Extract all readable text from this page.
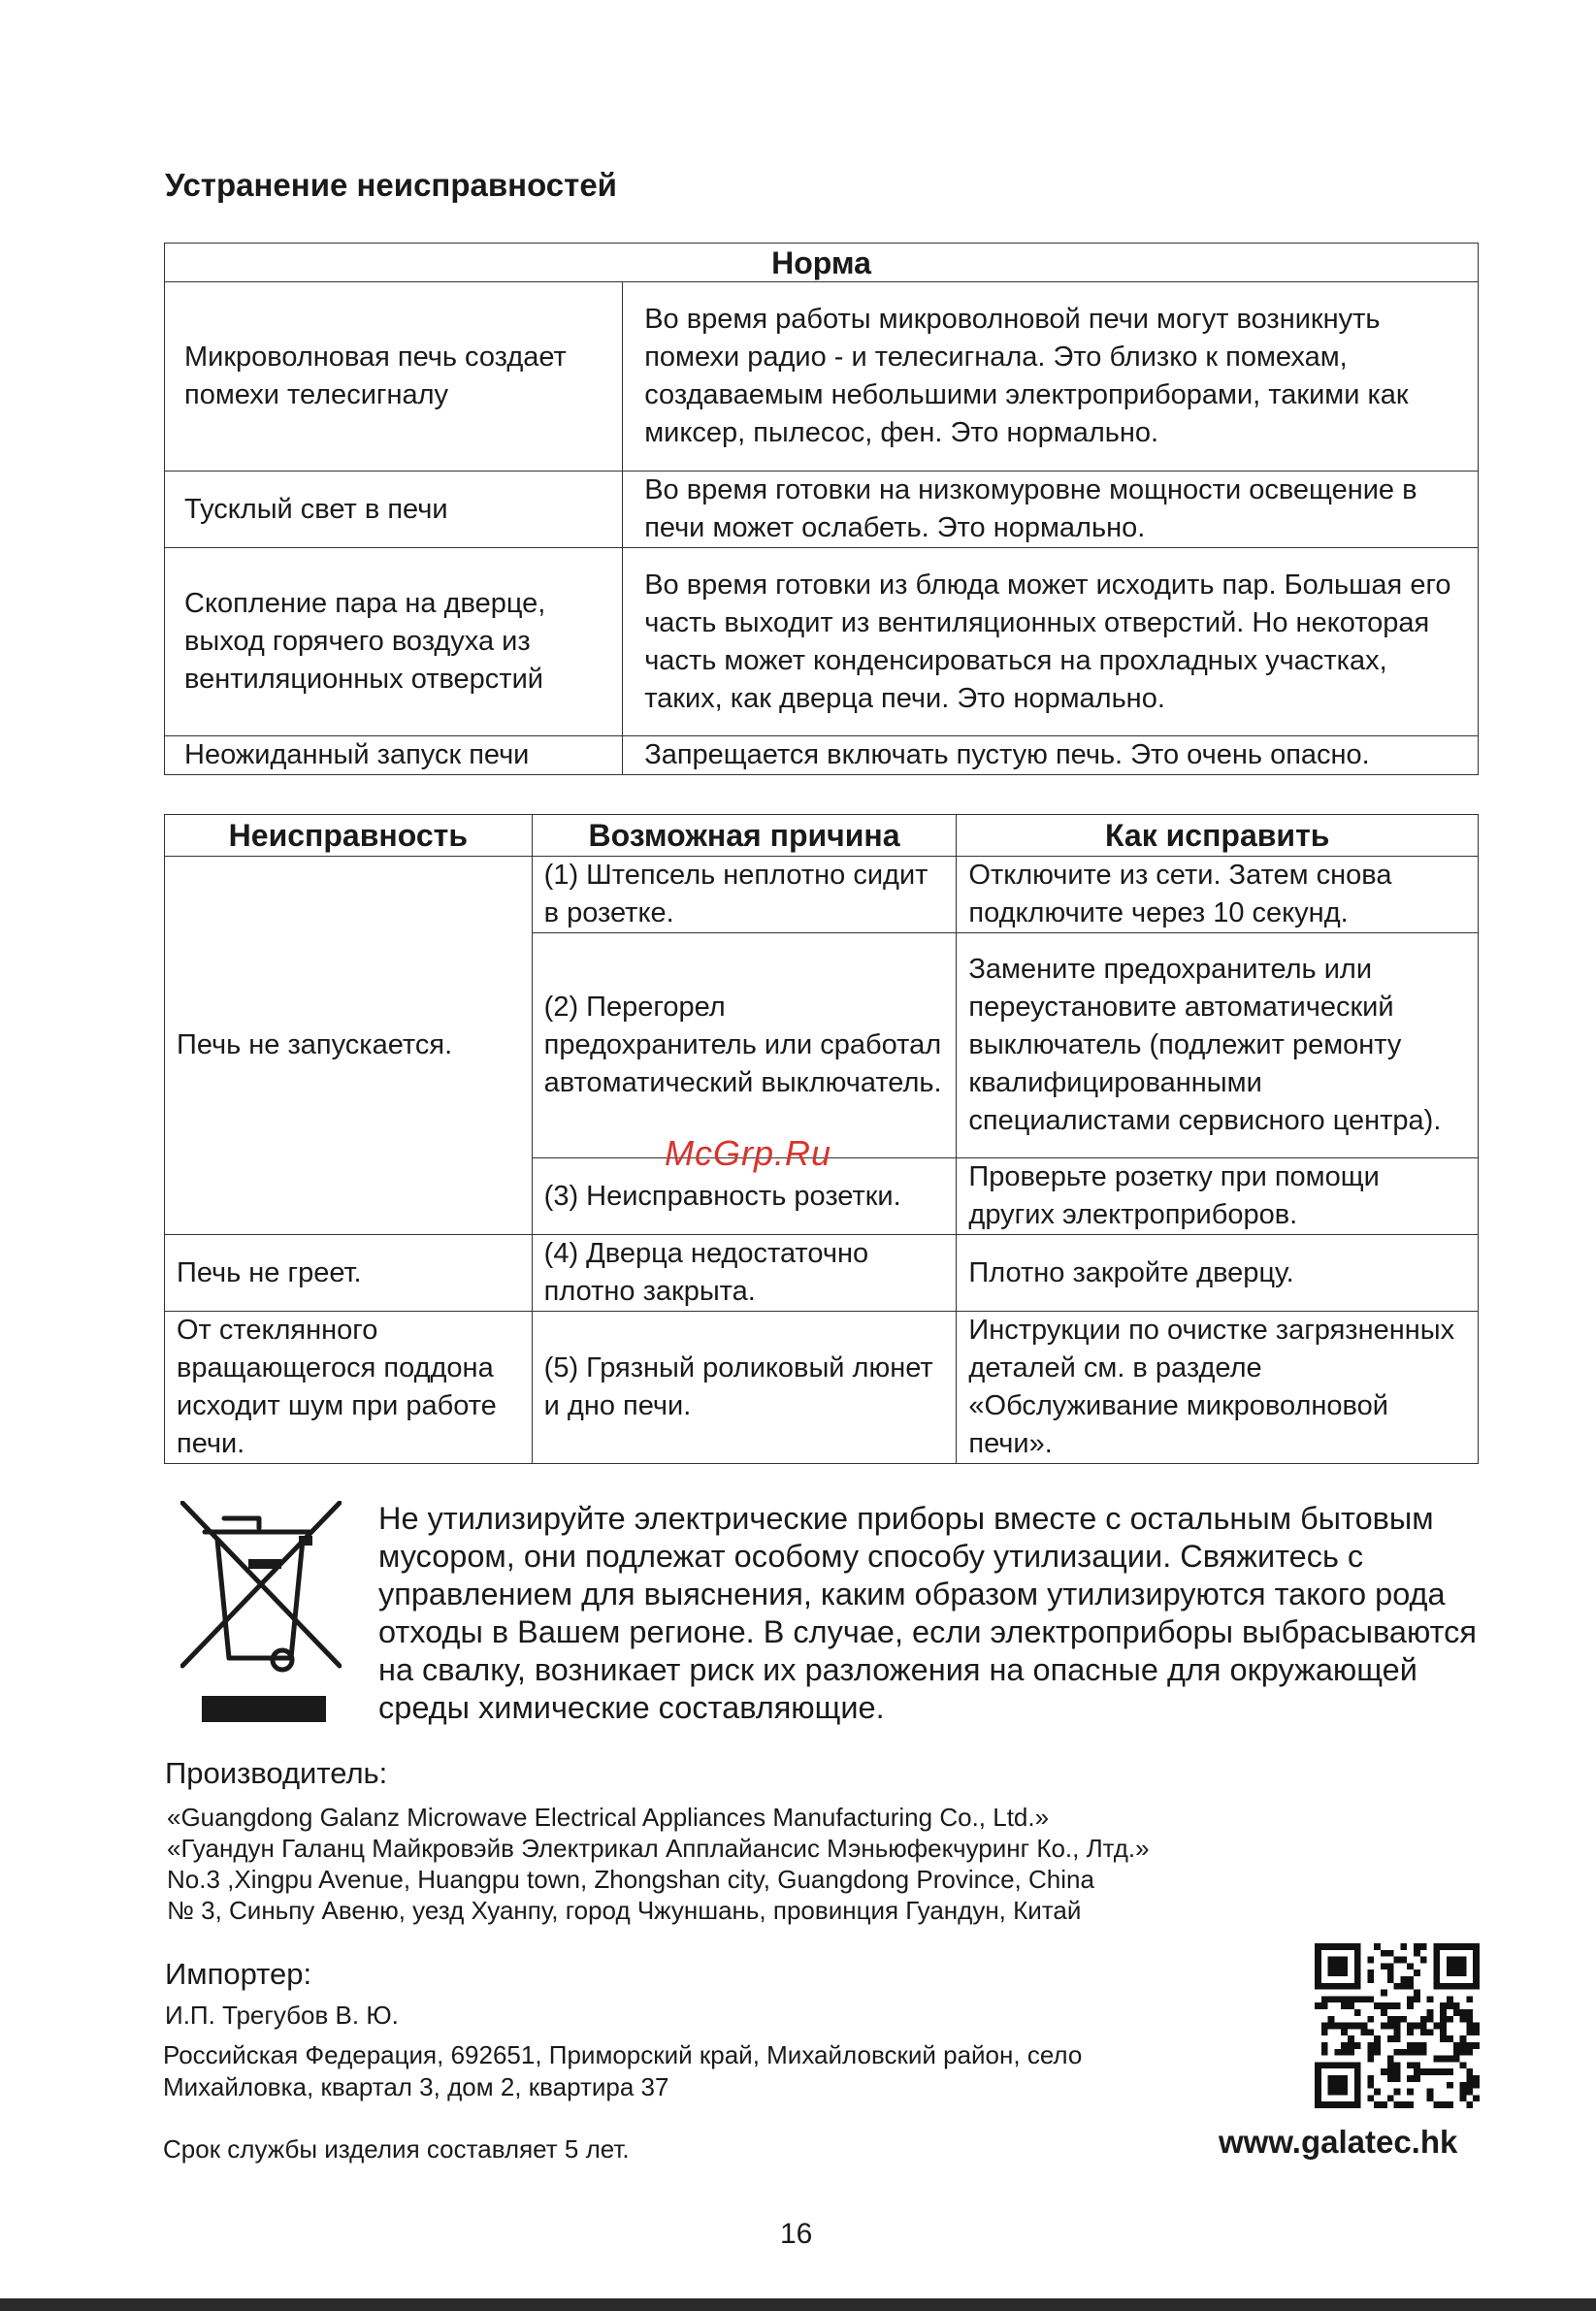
Устранение неисправностей
Норма	
Микроволновая печь создает помехи телесигналу	Во время работы микроволновой печи могут возникнуть помехи радио - и телесигнала. Это близко к помехам, создаваемым небольшими электроприборами, такими как миксер, пылесос, фен. Это нормально.
Тусклый свет в печи	Во время готовки на низкомуровне мощности освещение в печи может ослабеть. Это нормально.
Скопление пара на дверце, выход горячего воздуха из вентиляционных отверстий	Во время готовки из блюда может исходить пар. Большая его часть выходит из вентиляционных отверстий. Но некоторая часть может конденсироваться на прохладных участках, таких, как дверца печи. Это нормально.
Неожиданный запуск печи	Запрещается включать пустую печь. Это очень опасно.
Неисправность	Возможная причина	Как исправить
Печь не запускается.	(1) Штепсель неплотно сидит в розетке.	Отключите из сети. Затем снова подключите через 10 секунд.
	(2) Перегорел предохранитель или сработал автоматический выключатель.	Замените предохранитель или переустановите автоматический выключатель (подлежит ремонту квалифицированными специалистами сервисного центра).
	(3) Неисправность розетки.	Проверьте розетку при помощи других электроприборов.
Печь не греет.	(4) Дверца недостаточно плотно закрыта.	Плотно закройте дверцу.
От стеклянного вращающегося поддона исходит шум при работе печи.	(5) Грязный роликовый люнет и дно печи.	Инструкции по очистке загрязненных деталей см. в разделе «Обслуживание микроволновой печи».
McGrp.Ru
Не утилизируйте электрические приборы вместе с остальным бытовым мусором, они подлежат особому способу утилизации. Свяжитесь с управлением для выяснения, каким образом утилизируются такого рода отходы в Вашем регионе. В случае, если электроприборы выбрасываются на свалку, возникает риск их разложения на опасные для окружающей среды химические составляющие.
Производитель:
«Guangdong Galanz Microwave Electrical Appliances Manufacturing Co., Ltd.»
«Гуандун Галанц Майкровэйв Электрикал Апплайансис Мэньюфекчуринг Ко., Лтд.»
No.3 ,Xingpu Avenue, Huangpu town, Zhongshan city, Guangdong Province, China
№ 3, Синьпу Авеню, уезд Хуанпу, город Чжуншань, провинция Гуандун, Китай
Импортер:
И.П. Трегубов В. Ю.
Российская Федерация, 692651, Приморский край, Михайловский район, село
Михайловка, квартал 3, дом 2, квартира 37
Срок службы изделия составляет 5 лет.	www.galatec.hk
16
